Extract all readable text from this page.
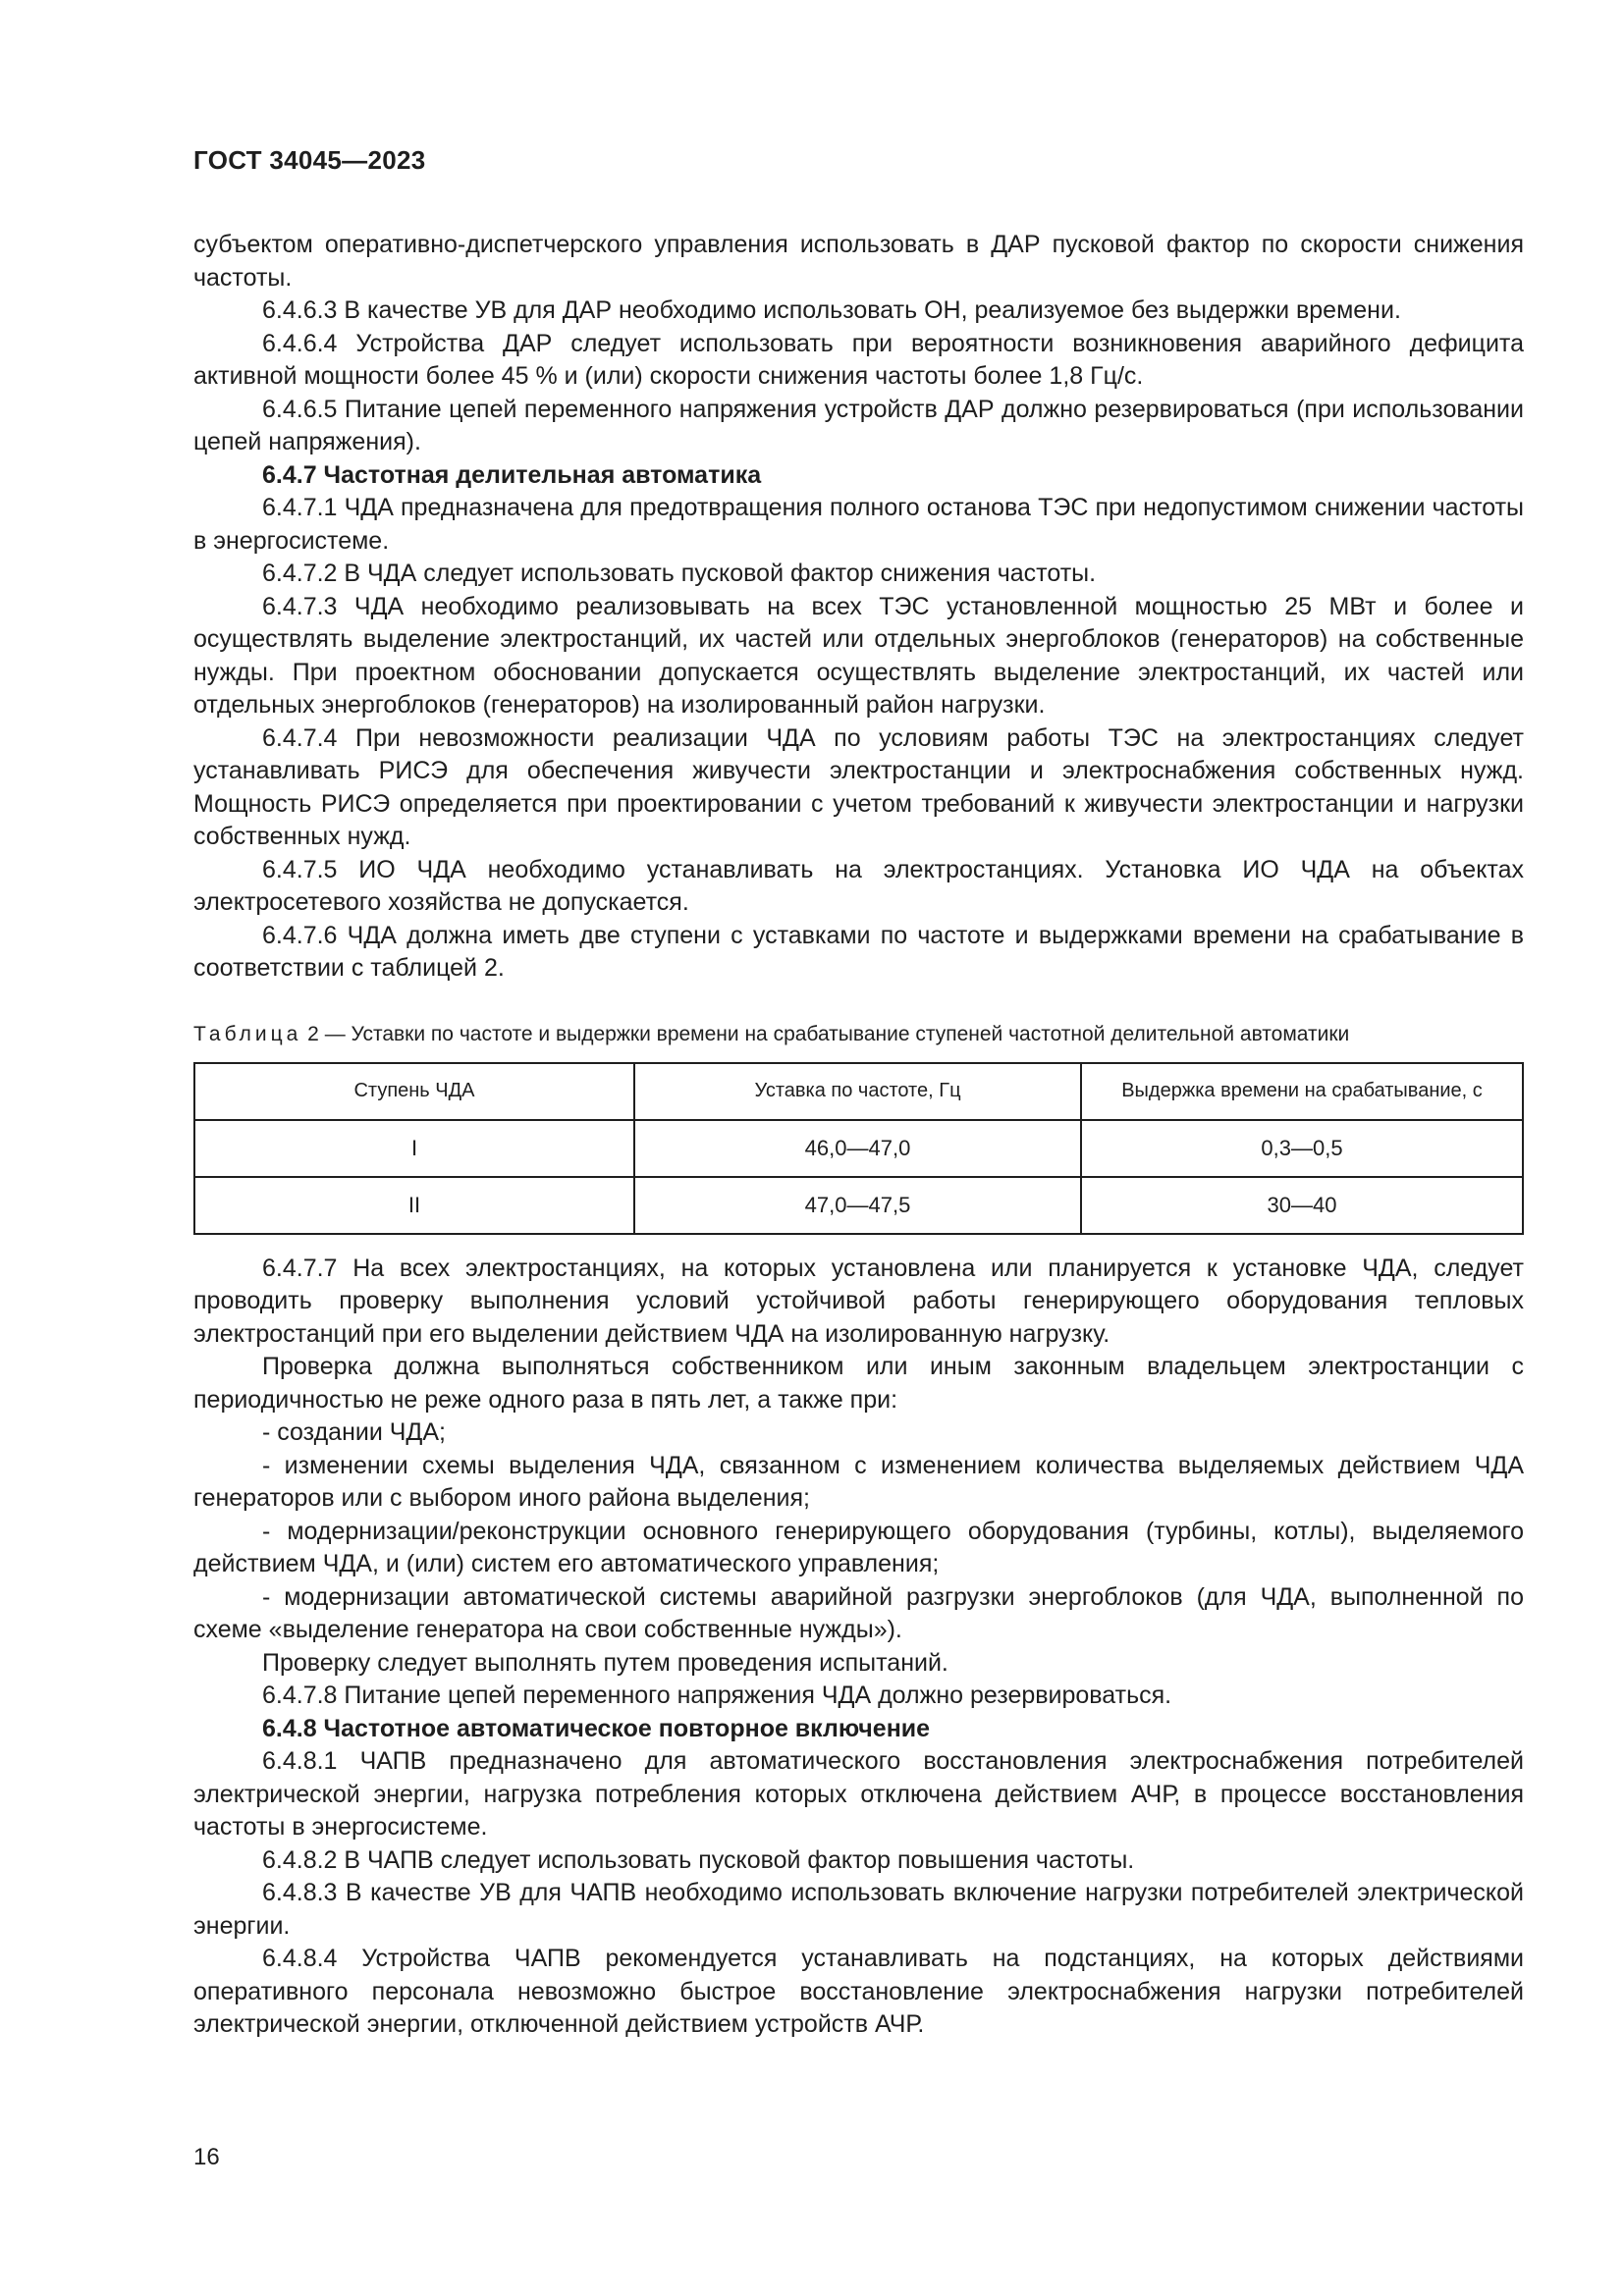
ГОСТ 34045—2023

субъектом оперативно-диспетчерского управления использовать в ДАР пусковой фактор по скорости снижения частоты.

6.4.6.3 В качестве УВ для ДАР необходимо использовать ОН, реализуемое без выдержки времени.

6.4.6.4 Устройства ДАР следует использовать при вероятности возникновения аварийного дефицита активной мощности более 45 % и (или) скорости снижения частоты более 1,8 Гц/с.

6.4.6.5 Питание цепей переменного напряжения устройств ДАР должно резервироваться (при использовании цепей напряжения).

6.4.7 Частотная делительная автоматика

6.4.7.1 ЧДА предназначена для предотвращения полного останова ТЭС при недопустимом снижении частоты в энергосистеме.

6.4.7.2 В ЧДА следует использовать пусковой фактор снижения частоты.

6.4.7.3 ЧДА необходимо реализовывать на всех ТЭС установленной мощностью 25 МВт и более и осуществлять выделение электростанций, их частей или отдельных энергоблоков (генераторов) на собственные нужды. При проектном обосновании допускается осуществлять выделение электростанций, их частей или отдельных энергоблоков (генераторов) на изолированный район нагрузки.

6.4.7.4 При невозможности реализации ЧДА по условиям работы ТЭС на электростанциях следует устанавливать РИСЭ для обеспечения живучести электростанции и электроснабжения собственных нужд. Мощность РИСЭ определяется при проектировании с учетом требований к живучести электростанции и нагрузки собственных нужд.

6.4.7.5 ИО ЧДА необходимо устанавливать на электростанциях. Установка ИО ЧДА на объектах электросетевого хозяйства не допускается.

6.4.7.6 ЧДА должна иметь две ступени с уставками по частоте и выдержками времени на срабатывание в соответствии с таблицей 2.

Таблица 2 — Уставки по частоте и выдержки времени на срабатывание ступеней частотной делительной автоматики
Ступень ЧДА	Уставка по частоте, Гц	Выдержка времени на срабатывание, с
I	46,0—47,0	0,3—0,5
II	47,0—47,5	30—40

6.4.7.7 На всех электростанциях, на которых установлена или планируется к установке ЧДА, следует проводить проверку выполнения условий устойчивой работы генерирующего оборудования тепловых электростанций при его выделении действием ЧДА на изолированную нагрузку.

Проверка должна выполняться собственником или иным законным владельцем электростанции с периодичностью не реже одного раза в пять лет, а также при:

- создании ЧДА;

- изменении схемы выделения ЧДА, связанном с изменением количества выделяемых действием ЧДА генераторов или с выбором иного района выделения;

- модернизации/реконструкции основного генерирующего оборудования (турбины, котлы), выделяемого действием ЧДА, и (или) систем его автоматического управления;

- модернизации автоматической системы аварийной разгрузки энергоблоков (для ЧДА, выполненной по схеме «выделение генератора на свои собственные нужды»).

Проверку следует выполнять путем проведения испытаний.

6.4.7.8 Питание цепей переменного напряжения ЧДА должно резервироваться.

6.4.8 Частотное автоматическое повторное включение

6.4.8.1 ЧАПВ предназначено для автоматического восстановления электроснабжения потребителей электрической энергии, нагрузка потребления которых отключена действием АЧР, в процессе восстановления частоты в энергосистеме.

6.4.8.2 В ЧАПВ следует использовать пусковой фактор повышения частоты.

6.4.8.3 В качестве УВ для ЧАПВ необходимо использовать включение нагрузки потребителей электрической энергии.

6.4.8.4 Устройства ЧАПВ рекомендуется устанавливать на подстанциях, на которых действиями оперативного персонала невозможно быстрое восстановление электроснабжения нагрузки потребителей электрической энергии, отключенной действием устройств АЧР.

16
